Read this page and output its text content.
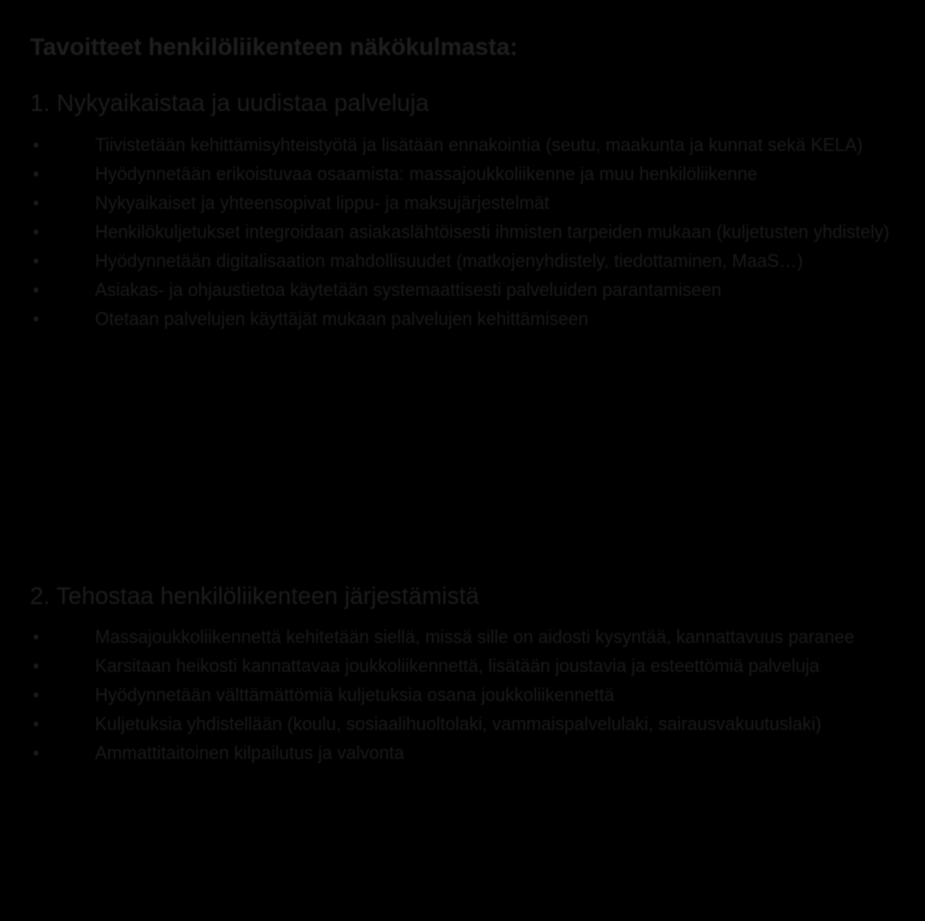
Tavoitteet henkilöliikenteen näkökulmasta:
1. Nykyaikaistaa ja uudistaa palveluja
•	Tiivistetään kehittämisyhteistyötä ja lisätään ennakointia (seutu, maakunta ja kunnat sekä KELA)
•	Hyödynnetään erikoistuvaa osaamista: massajoukkoliikenne ja muu henkilöliikenne
•	Nykyaikaiset ja yhteensopivat lippu- ja maksujärjestelmät
•	Henkilökuljetukset integroidaan asiakaslähtöisesti ihmisten tarpeiden mukaan (kuljetusten yhdistely)
•	Hyödynnetään digitalisaation mahdollisuudet (matkojenyhdistely, tiedottaminen, MaaS…)
•	Asiakas- ja ohjaustietoa käytetään systemaattisesti palveluiden parantamiseen
•	Otetaan palvelujen käyttäjät mukaan palvelujen kehittämiseen
2. Tehostaa henkilöliikenteen järjestämistä
•	Massajoukkoliikennettä kehitetään siellä, missä sille on aidosti kysyntää, kannattavuus paranee
•	Karsitaan heikosti kannattavaa joukkoliikennettä, lisätään joustavia ja esteettömiä palveluja
•	Hyödynnetään välttämättömiä kuljetuksia osana joukkoliikennettä
•	Kuljetuksia yhdistellään (koulu, sosiaalihuoltolaki, vammaispalvelulaki, sairausvakuutuslaki)
•	Ammattitaitoinen kilpailutus ja valvonta
